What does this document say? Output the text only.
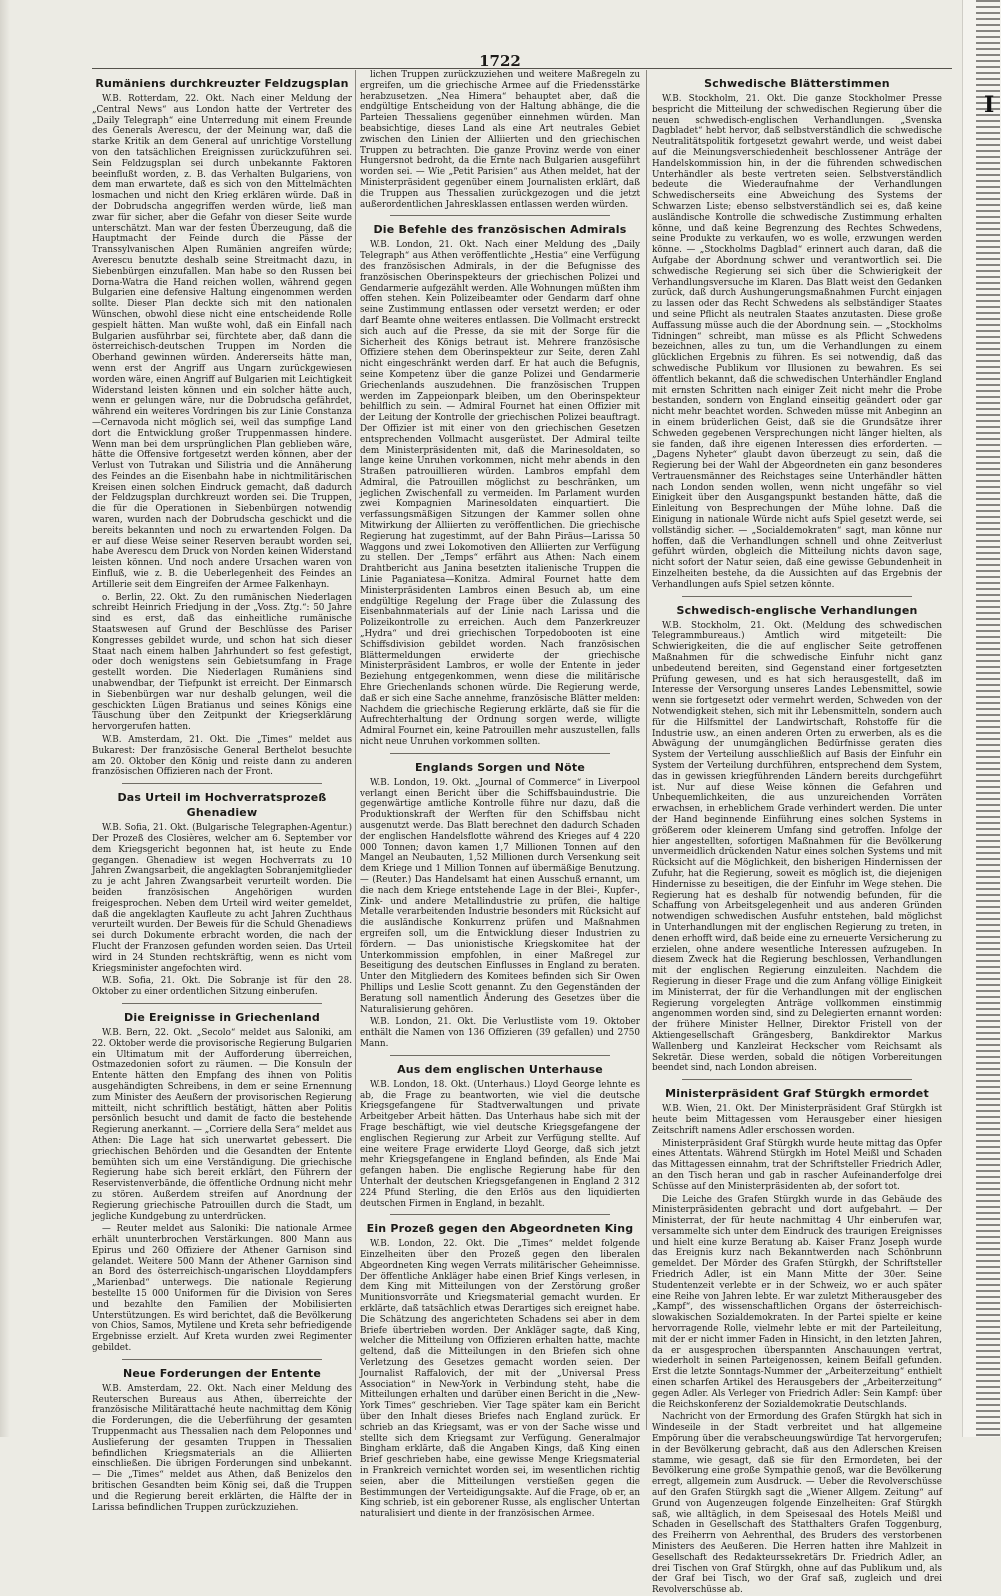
I
1722
Rumäniens durchkreuzter Feldzugsplan

W.B. Rotterdam, 22. Okt. Nach einer Meldung der „Central News“ aus London hatte der Vertreter des „Daily Telegraph“ eine Unterredung mit einem Freunde des Generals Averescu, der der Meinung war, daß die starke Kritik an dem General auf unrichtige Vorstellung von den tatsächlichen Ereignissen zurückzuführen sei. Sein Feldzugsplan sei durch unbekannte Faktoren beeinflußt worden, z. B. das Verhalten Bulgariens, von dem man erwartete, daß es sich von den Mittelmächten losmachen und nicht den Krieg erklären würde. Daß in der Dobrudscha angegriffen werden würde, ließ man zwar für sicher, aber die Gefahr von dieser Seite wurde unterschätzt. Man war der festen Überzeugung, daß die Hauptmacht der Feinde durch die Pässe der Transsylvanischen Alpen Rumänien angreifen würde; Averescu benutzte deshalb seine Streitmacht dazu, in Siebenbürgen einzufallen. Man habe so den Russen bei Dorna-Watra die Hand reichen wollen, während gegen Bulgarien eine defensive Haltung eingenommen werden sollte. Dieser Plan deckte sich mit den nationalen Wünschen, obwohl diese nicht eine entscheidende Rolle gespielt hätten. Man wußte wohl, daß ein Einfall nach Bulgarien ausführbar sei, fürchtete aber, daß dann die österreichisch-deutschen Truppen im Norden die Oberhand gewinnen würden. Andererseits hätte man, wenn erst der Angriff aus Ungarn zurückgewiesen worden wäre, einen Angriff auf Bulgarien mit Leichtigkeit Widerstand leisten können und ein solcher hätte auch, wenn er gelungen wäre, nur die Dobrudscha gefährdet, während ein weiteres Vordringen bis zur Linie Constanza—Cernavoda nicht möglich sei, weil das sumpfige Land dort die Entwicklung großer Truppenmassen hindere. Wenn man bei dem ursprünglichen Plan geblieben wäre, hätte die Offensive fortgesetzt werden können, aber der Verlust von Tutrakan und Silistria und die Annäherung des Feindes an die Eisenbahn habe in nichtmilitärischen Kreisen einen solchen Eindruck gemacht, daß dadurch der Feldzugsplan durchkreuzt worden sei. Die Truppen, die für die Operationen in Siebenbürgen notwendig waren, wurden nach der Dobrudscha geschickt und die bereits bekannten und noch zu erwartenden Folgen. Da er auf diese Weise seiner Reserven beraubt worden sei, habe Averescu dem Druck von Norden keinen Widerstand leisten können. Und noch andere Ursachen waren von Einfluß, wie z. B. die Ueberlegenheit des Feindes an Artillerie seit dem Eingreifen der Armee Falkenhayn.

o. Berlin, 22. Okt. Zu den rumänischen Niederlagen schreibt Heinrich Friedjung in der „Voss. Ztg.“: 50 Jahre sind es erst, daß das einheitliche rumänische Staatswesen auf Grund der Beschlüsse des Pariser Kongresses gebildet wurde, und schon hat sich dieser Staat nach einem halben Jahrhundert so fest gefestigt, oder doch wenigstens sein Gebietsumfang in Frage gestellt worden. Die Niederlagen Rumäniens sind unabwendbar, der Tiefpunkt ist erreicht. Der Einmarsch in Siebenbürgen war nur deshalb gelungen, weil die geschickten Lügen Bratianus und seines Königs eine Täuschung über den Zeitpunkt der Kriegserklärung hervorgerufen hatten.

W.B. Amsterdam, 21. Okt. Die „Times“ meldet aus Bukarest: Der französische General Berthelot besuchte am 20. Oktober den König und reiste dann zu anderen französischen Offizieren nach der Front.

Das Urteil im Hochverratsprozeß Ghenadiew

W.B. Sofia, 21. Okt. (Bulgarische Telegraphen-Agentur.) Der Prozeß des Closières, welcher am 6. September vor dem Kriegsgericht begonnen hat, ist heute zu Ende gegangen. Ghenadiew ist wegen Hochverrats zu 10 Jahren Zwangsarbeit, die angeklagten Sobranjemitglieder zu je acht Jahren Zwangsarbeit verurteilt worden. Die beiden französischen Angehörigen wurden freigesprochen. Neben dem Urteil wird weiter gemeldet, daß die angeklagten Kaufleute zu acht Jahren Zuchthaus verurteilt wurden. Der Beweis für die Schuld Ghenadiews sei durch Dokumente erbracht worden, die nach der Flucht der Franzosen gefunden worden seien. Das Urteil wird in 24 Stunden rechtskräftig, wenn es nicht vom Kriegsminister angefochten wird.

W.B. Sofia, 21. Okt. Die Sobranje ist für den 28. Oktober zu einer ordentlichen Sitzung einberufen.

Die Ereignisse in Griechenland

W.B. Bern, 22. Okt. „Secolo“ meldet aus Saloniki, am 22. Oktober werde die provisorische Regierung Bulgarien ein Ultimatum mit der Aufforderung überreichen, Ostmazedonien sofort zu räumen. — Die Konsuln der Entente hätten den Empfang des ihnen von Politis ausgehändigten Schreibens, in dem er seine Ernennung zum Minister des Aeußern der provisorischen Regierung mitteilt, nicht schriftlich bestätigt, hätten aber Politis persönlich besucht und damit de facto die bestehende Regierung anerkannt. — „Corriere della Sera“ meldet aus Athen: Die Lage hat sich unerwartet gebessert. Die griechischen Behörden und die Gesandten der Entente bemühten sich um eine Verständigung. Die griechische Regierung habe sich bereit erklärt, den Führern der Reservistenverbände, die öffentliche Ordnung nicht mehr zu stören. Außerdem streifen auf Anordnung der Regierung griechische Patrouillen durch die Stadt, um jegliche Kundgebung zu unterdrücken.

— Reuter meldet aus Saloniki: Die nationale Armee erhält ununterbrochen Verstärkungen. 800 Mann aus Epirus und 260 Offiziere der Athener Garnison sind gelandet. Weitere 500 Mann der Athener Garnison sind an Bord des österreichisch-ungarischen Lloyddampfers „Marienbad“ unterwegs. Die nationale Regierung bestellte 15 000 Uniformen für die Division von Seres und bezahlte den Familien der Mobilisierten Unterstützungen. Es wird berichtet, daß die Bevölkerung von Chios, Samos, Mytilene und Kreta sehr befriedigende Ergebnisse erzielt. Auf Kreta wurden zwei Regimenter gebildet.

Neue Forderungen der Entente

W.B. Amsterdam, 22. Okt. Nach einer Meldung des Reuterschen Bureaus aus Athen, überreichte der französische Militärattaché heute nachmittag dem König die Forderungen, die die Ueberführung der gesamten Truppenmacht aus Thessalien nach dem Peloponnes und Auslieferung der gesamten Truppen in Thessalien befindlichen Kriegsmaterials an die Alliierten einschließen. Die übrigen Forderungen sind unbekannt. — Die „Times“ meldet aus Athen, daß Benizelos den britischen Gesandten beim König sei, daß die Truppen und die Regierung bereit erklärten, die Hälfte der in Larissa befindlichen Truppen zurückzuziehen.

lichen Truppen zurückzuziehen und weitere Maßregeln zu ergreifen, um die griechische Armee auf die Friedensstärke herabzusetzen. „Nea Himera“ behauptet aber, daß die endgültige Entscheidung von der Haltung abhänge, die die Parteien Thessaliens gegenüber einnehmen würden. Man beabsichtige, dieses Land als eine Art neutrales Gebiet zwischen den Linien der Alliierten und den griechischen Truppen zu betrachten. Die ganze Provinz werde von einer Hungersnot bedroht, da die Ernte nach Bulgarien ausgeführt worden sei. — Wie „Petit Parisien“ aus Athen meldet, hat der Ministerpräsident gegenüber einem Journalisten erklärt, daß die Truppen aus Thessalien zurückgezogen und die jetzt außerordentlichen Jahresklassen entlassen werden würden.

Die Befehle des französischen Admirals

W.B. London, 21. Okt. Nach einer Meldung des „Daily Telegraph“ aus Athen veröffentlichte „Hestia“ eine Verfügung des französischen Admirals, in der die Befugnisse des französischen Oberinspekteurs der griechischen Polizei und Gendarmerie aufgezählt werden. Alle Wohnungen müßten ihm offen stehen. Kein Polizeibeamter oder Gendarm darf ohne seine Zustimmung entlassen oder versetzt werden; er oder darf Beamte ohne weiteres entlassen. Die Vollmacht erstreckt sich auch auf die Presse, da sie mit der Sorge für die Sicherheit des Königs betraut ist. Mehrere französische Offiziere stehen dem Oberinspekteur zur Seite, deren Zahl nicht eingeschränkt werden darf. Er hat auch die Befugnis, seine Kompetenz über die ganze Polizei und Gendarmerie Griechenlands auszudehnen. Die französischen Truppen werden im Zappeionpark bleiben, um den Oberinspekteur behilflich zu sein. — Admiral Fournet hat einen Offizier mit der Leitung der Kontrolle der griechischen Polizei beauftragt. Der Offizier ist mit einer von den griechischen Gesetzen entsprechenden Vollmacht ausgerüstet. Der Admiral teilte dem Ministerpräsidenten mit, daß die Marinesoldaten, so lange keine Unruhen vorkommen, nicht mehr abends in den Straßen patrouillieren würden. Lambros empfahl dem Admiral, die Patrouillen möglichst zu beschränken, um jeglichen Zwischenfall zu vermeiden. Im Parlament wurden zwei Kompagnien Marinesoldaten einquartiert. Die verfassungsmäßigen Sitzungen der Kammer sollen ohne Mitwirkung der Alliierten zu veröffentlichen. Die griechische Regierung hat zugestimmt, auf der Bahn Piräus—Larissa 50 Waggons und zwei Lokomotiven den Alliierten zur Verfügung zu stellen. Der „Temps“ erfährt aus Athen: Nach einem Drahtbericht aus Janina besetzten italienische Truppen die Linie Paganiatesa—Konitza. Admiral Fournet hatte dem Ministerpräsidenten Lambros einen Besuch ab, um eine endgültige Regelung der Frage über die Zulassung des Eisenbahnmaterials auf der Linie nach Larissa und die Polizeikontrolle zu erreichen. Auch dem Panzerkreuzer „Hydra“ und drei griechischen Torpedobooten ist eine Schiffsdivision gebildet worden. Nach französischen Blättermeldungen erwiderte der griechische Ministerpräsident Lambros, er wolle der Entente in jeder Beziehung entgegenkommen, wenn diese die militärische Ehre Griechenlands schonen würde. Die Regierung werde, daß er sich eine Sache annehme, französische Blätter melden: Nachdem die griechische Regierung erklärte, daß sie für die Aufrechterhaltung der Ordnung sorgen werde, willigte Admiral Fournet ein, keine Patrouillen mehr auszustellen, falls nicht neue Unruhen vorkommen sollten.

Englands Sorgen und Nöte

W.B. London, 19. Okt. „Journal of Commerce“ in Liverpool verlangt einen Bericht über die Schiffsbauindustrie. Die gegenwärtige amtliche Kontrolle führe nur dazu, daß die Produktionskraft der Werften für den Schiffsbau nicht ausgenutzt werde. Das Blatt berechnet den dadurch Schaden der englischen Handelsflotte während des Krieges auf 4 220 000 Tonnen; davon kamen 1,7 Millionen Tonnen auf den Mangel an Neubauten, 1,52 Millionen durch Versenkung seit dem Kriege und 1 Million Tonnen auf übermäßige Benutzung. — (Reuter.) Das Handelsamt hat einen Ausschuß ernannt, um die nach dem Kriege entstehende Lage in der Blei-, Kupfer-, Zink- und andere Metallindustrie zu prüfen, die haltige Metalle verarbeitenden Industrie besonders mit Rücksicht auf die ausländische Konkurrenz prüfen und Maßnahmen ergreifen soll, um die Entwicklung dieser Industrien zu fördern. — Das unionistische Kriegskomitee hat der Unterkommission empfohlen, in einer Maßregel zur Beseitigung des deutschen Einflusses in England zu beraten. Unter den Mitgliedern des Komitees befinden sich Sir Owen Phillips und Leslie Scott genannt. Zu den Gegenständen der Beratung soll namentlich Änderung des Gesetzes über die Naturalisierung gehören.

W.B. London, 21. Okt. Die Verlustliste vom 19. Oktober enthält die Namen von 136 Offizieren (39 gefallen) und 2750 Mann.

Aus dem englischen Unterhause

W.B. London, 18. Okt. (Unterhaus.) Lloyd George lehnte es ab, die Frage zu beantworten, wie viel die deutsche Kriegsgefangene für Stadtverwaltungen und private Arbeitgeber Arbeit hätten. Das Unterhaus habe sich mit der Frage beschäftigt, wie viel deutsche Kriegsgefangene der englischen Regierung zur Arbeit zur Verfügung stellte. Auf eine weitere Frage erwiderte Lloyd George, daß sich jetzt mehr Kriegsgefangene in England befinden, als Ende Mai gefangen haben. Die englische Regierung habe für den Unterhalt der deutschen Kriegsgefangenen in England 2 312 224 Pfund Sterling, die den Erlös aus den liquidierten deutschen Firmen in England, in bezahlt.

Ein Prozeß gegen den Abgeordneten King

W.B. London, 22. Okt. Die „Times“ meldet folgende Einzelheiten über den Prozeß gegen den liberalen Abgeordneten King wegen Verrats militärischer Geheimnisse. Der öffentliche Ankläger habe einen Brief Kings verlesen, in dem King mit Mitteilungen von der Zerstörung großer Munitionsvorräte und Kriegsmaterial gemacht wurden. Er erklärte, daß tatsächlich etwas Derartiges sich ereignet habe. Die Schätzung des angerichteten Schadens sei aber in dem Briefe übertrieben worden. Der Ankläger sagte, daß King, welcher die Mitteilung von Offizieren erhalten hatte, machte geltend, daß die Mitteilungen in den Briefen sich ohne Verletzung des Gesetzes gemacht worden seien. Der Journalist Raffalovich, der mit der „Universal Press Association“ in New-York in Verbindung steht, habe die Mitteilungen erhalten und darüber einen Bericht in die „New-York Times“ geschrieben. Vier Tage später kam ein Bericht über den Inhalt dieses Briefes nach England zurück. Er schrieb an das Kriegsamt, was er von der Sache wisse und stellte sich dem Kriegsamt zur Verfügung. Generalmajor Bingham erklärte, daß die Angaben Kings, daß King einen Brief geschrieben habe, eine gewisse Menge Kriegsmaterial in Frankreich vernichtet worden sei, im wesentlichen richtig seien, aber die Mitteilungen verstießen gegen die Bestimmungen der Verteidigungsakte. Auf die Frage, ob er, an King schrieb, ist ein geborener Russe, als englischer Untertan naturalisiert und diente in der französischen Armee.

Schwedische Blätterstimmen

W.B. Stockholm, 21. Okt. Die ganze Stockholmer Presse bespricht die Mitteilung der schwedischen Regierung über die neuen schwedisch-englischen Verhandlungen. „Svenska Dagbladet“ hebt hervor, daß selbstverständlich die schwedische Neutralitätspolitik fortgesetzt gewahrt werde, und weist dabei auf die Meinungsverschiedenheit beschlossener Anträge der Handelskommission hin, in der die führenden schwedischen Unterhändler als beste vertreten seien. Selbstverständlich bedeute die Wiederaufnahme der Verhandlungen Schwedischerseits eine Abweichung des Systems der Schwarzen Liste; ebenso selbstverständlich sei es, daß keine ausländische Kontrolle die schwedische Zustimmung erhalten könne, und daß keine Begrenzung des Rechtes Schwedens, seine Produkte zu verkaufen, wo es wolle, erzwungen werden könne. — „Stockholms Dagblad“ erinnert auch daran, daß die Aufgabe der Abordnung schwer und verantwortlich sei. Die schwedische Regierung sei sich über die Schwierigkeit der Verhandlungsversuche im Klaren. Das Blatt weist den Gedanken zurück, daß durch Aushungerungsmaßnahmen Furcht einjagen zu lassen oder das Recht Schwedens als selbständiger Staates und seine Pflicht als neutralen Staates anzutasten. Diese große Auffassung müsse auch die der Abordnung sein. — „Stockholms Tidningen“ schreibt, man müsse es als Pflicht Schwedens bezeichnen, alles zu tun, um die Verhandlungen zu einem glücklichen Ergebnis zu führen. Es sei notwendig, daß das schwedische Publikum vor Illusionen zu bewahren. Es sei öffentlich bekannt, daß die schwedischen Unterhändler England mit ernsten Schritten nach einiger Zeit nicht mehr die Probe bestanden, sondern von England einseitig geändert oder gar nicht mehr beachtet worden. Schweden müsse mit Anbeginn an in einem brüderlichen Geist, daß sie die Grundsätze ihrer Schweden gegebenen Versprechungen nicht länger hielten, als sie fanden, daß ihre eigenen Interessen dies erforderten. — „Dagens Nyheter“ glaubt davon überzeugt zu sein, daß die Regierung bei der Wahl der Abgeordneten ein ganz besonderes Vertrauensmänner des Reichstages seine Unterhändler hätten nach London senden wollen, wenn nicht ungefähr so viel Einigkeit über den Ausgangspunkt bestanden hätte, daß die Einleitung von Besprechungen der Mühe lohne. Daß die Einigung in nationale Würde nicht aufs Spiel gesetzt werde, sei vollständig sicher. — „Socialdemokraten“ sagt, man könne nur hoffen, daß die Verhandlungen schnell und ohne Zeitverlust geführt würden, obgleich die Mitteilung nichts davon sage, nicht sofort der Natur seien, daß eine gewisse Gebundenheit in Einzelheiten bestehe, da die Aussichten auf das Ergebnis der Verhandlungen aufs Spiel setzen könnte.

Schwedisch-englische Verhandlungen

W.B. Stockholm, 21. Okt. (Meldung des schwedischen Telegrammbureaus.) Amtlich wird mitgeteilt: Die Schwierigkeiten, die die auf englischer Seite getroffenen Maßnahmen für die schwedische Einfuhr nicht ganz unbedeutend bereiten, sind Gegenstand einer fortgesetzten Prüfung gewesen, und es hat sich herausgestellt, daß im Interesse der Versorgung unseres Landes Lebensmittel, sowie wenn sie fortgesetzt oder vermehrt werden, Schweden von der Notwendigkeit stehen, sich mit ihr Lebensmitteln, sondern auch für die Hilfsmittel der Landwirtschaft, Rohstoffe für die Industrie usw., an einen anderen Orten zu erwerben, als es die Abwägung der unumgänglichen Bedürfnisse geraten dies System der Verteilung ausschließlich auf Basis der Einfuhr ein System der Verteilung durchführen, entsprechend dem System, das in gewissen kriegführenden Ländern bereits durchgeführt ist. Nur auf diese Weise können die Gefahren und Unbequemlichkeiten, die aus unzureichenden Vorräten erwachsen, in erheblichem Grade verhindert werden. Die unter der Hand beginnende Einführung eines solchen Systems in größerem oder kleinerem Umfang sind getroffen. Infolge der hier angestellten, sofortigen Maßnahmen für die Bevölkerung unvermeidlich drückenden Natur eines solchen Systems und mit Rücksicht auf die Möglichkeit, den bisherigen Hindernissen der Zufuhr, hat die Regierung, soweit es möglich ist, die diejenigen Hindernisse zu beseitigen, die der Einfuhr im Wege stehen. Die Regierung hat es deshalb für notwendig befunden, für die Schaffung von Arbeitsgelegenheit und aus anderen Gründen notwendigen schwedischen Ausfuhr entstehen, bald möglichst in Unterhandlungen mit der englischen Regierung zu treten, in denen erhofft wird, daß beide eine zu erneuerte Versicherung zu erzielen, ohne andere wesentliche Interessen aufzugeben. In diesem Zweck hat die Regierung beschlossen, Verhandlungen mit der englischen Regierung einzuleiten. Nachdem die Regierung in dieser Frage und die zum Anfang völlige Einigkeit im Ministerrat, der für die Verhandlungen mit der englischen Regierung vorgelegten Anträge vollkommen einstimmig angenommen worden sind, sind zu Delegierten ernannt worden: der frühere Minister Hellner, Direktor Fristell von der Aktiengesellschaft Grängesberg, Bankdirektor Markus Wallenberg und Kanzleirat Heckscher vom Reichsamt als Sekretär. Diese werden, sobald die nötigen Vorbereitungen beendet sind, nach London abreisen.

Ministerpräsident Graf Stürgkh ermordet

W.B. Wien, 21. Okt. Der Ministerpräsident Graf Stürgkh ist heute beim Mittagessen vom Herausgeber einer hiesigen Zeitschrift namens Adler erschossen worden.

Ministerpräsident Graf Stürgkh wurde heute mittag das Opfer eines Attentats. Während Stürgkh im Hotel Meißl und Schaden das Mittagessen einnahm, trat der Schriftsteller Friedrich Adler, an den Tisch heran und gab in rascher Aufeinanderfolge drei Schüsse auf den Ministerpräsidenten ab, der sofort tot.

Die Leiche des Grafen Stürgkh wurde in das Gebäude des Ministerpräsidenten gebracht und dort aufgebahrt. — Der Ministerrat, der für heute nachmittag 4 Uhr einberufen war, versammelte sich unter dem Eindruck des traurigen Ereignisses und hielt eine kurze Beratung ab. Kaiser Franz Joseph wurde das Ereignis kurz nach Bekanntwerden nach Schönbrunn gemeldet. Der Mörder des Grafen Stürgkh, der Schriftsteller Friedrich Adler, ist ein Mann Mitte der 30er. Seine Studentenzeit verlebte er in der Schweiz, wo er auch später eine Reihe von Jahren lebte. Er war zuletzt Mitherausgeber des „Kampf“, des wissenschaftlichen Organs der österreichisch-slowakischen Sozialdemokraten. In der Partei spielte er keine hervorragende Rolle, vielmehr lebte er mit der Parteileitung, mit der er nicht immer Faden in Hinsicht, in den letzten Jahren, da er ausgesprochen überspannten Anschauungen vertrat, wiederholt in seinen Parteigenossen, keinem Beifall gefunden. Erst die letzte Sonntags-Nummer der „Arbeiterzeitung“ enthielt einen scharfen Artikel des Herausgebers der „Arbeiterzeitung“ gegen Adler. Als Verleger von Friedrich Adler: Sein Kampf: über die Reichskonferenz der Sozialdemokratie Deutschlands.

Nachricht von der Ermordung des Grafen Stürgkh hat sich in Windeseile in der Stadt verbreitet und hat allgemeine Empörung über die verabscheuungswürdige Tat hervorgerufen; in der Bevölkerung gebracht, daß aus den Adlerschen Kreisen stamme, wie gesagt, daß sie für den Ermordeten, bei der Bevölkerung eine große Sympathie genoß, war die Bevölkerung erregt, allgemein zum Ausdruck. — Ueber die Revolverschüsse auf den Grafen Stürgkh sagt die „Wiener Allgem. Zeitung“ auf Grund von Augenzeugen folgende Einzelheiten: Graf Stürgkh saß, wie alltäglich, in dem Speisesaal des Hotels Meißl und Schaden in Gesellschaft des Statthalters Grafen Toggenburg, des Freiherrn von Aehrenthal, des Bruders des verstorbenen Ministers des Aeußeren. Die Herren hatten ihre Mahlzeit in Gesellschaft des Redakteurssekretärs Dr. Friedrich Adler, an drei Tischen von Graf Stürgkh, ohne auf das Publikum und, als der Graf bei Tisch, wo der Graf saß, zugleich und drei Revolverschüsse ab.
